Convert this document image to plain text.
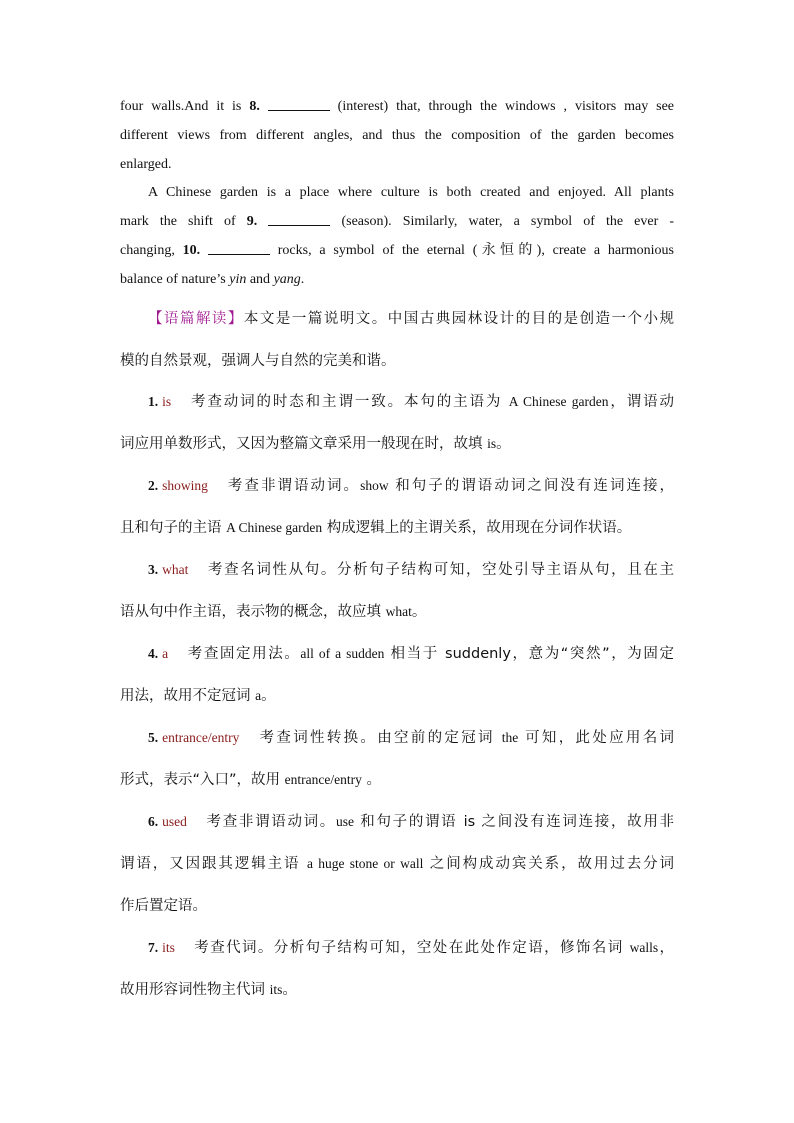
four walls.And it is 8.	(interest) that, through the windows , visitors may see
different views from different angles, and thus the composition of the garden becomes
enlarged.
A Chinese garden is a place where culture is both created and enjoyed. All plants
mark the shift of 9.	(season). Similarly, water, a symbol of the ever -
changing, 10.	rocks, a symbol of the eternal (永恒的), create a harmonious
balance of nature’s yin and yang.
【语篇解读】本文是一篇说明文。中国古典园林设计的目的是创造一个小规
模的自然景观，强调人与自然的完美和谐。
1. is 考查动词的时态和主谓一致。本句的主语为 A Chinese garden，谓语动
词应用单数形式，又因为整篇文章采用一般现在时，故填 is。
2. showing 考查非谓语动词。show 和句子的谓语动词之间没有连词连接，
且和句子的主语 A Chinese garden 构成逻辑上的主谓关系，故用现在分词作状语。
3. what 考查名词性从句。分析句子结构可知，空处引导主语从句，且在主
语从句中作主语，表示物的概念，故应填 what。
4. a 考查固定用法。all of a sudden 相当于 suddenly，意为“突然”，为固定
用法，故用不定冠词 a。
5. entrance/entry 考查词性转换。由空前的定冠词 the 可知，此处应用名词
形式，表示“入口”，故用 entrance/entry 。
6. used 考查非谓语动词。use 和句子的谓语 is 之间没有连词连接，故用非
谓语，又因跟其逻辑主语 a huge stone or wall 之间构成动宾关系，故用过去分词
作后置定语。
7. its 考查代词。分析句子结构可知，空处在此处作定语，修饰名词 walls，
故用形容词性物主代词 its。
